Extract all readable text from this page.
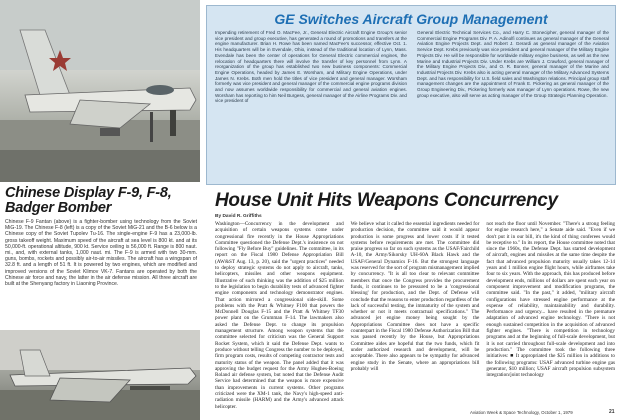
Chinese Display F-9, F-8, Badger Bomber

Chinese F-9 Fantan (above) is a fighter-bomber using technology from the Soviet MiG-19. The Chinese F-8 (left) is a copy of the Soviet MiG-21 and the B-6 below is a Chinese copy of the Soviet Tupolev Tu-16. The single-engine F-9 has a 23,000-lb. gross takeoff weight. Maximum speed of the aircraft at sea level is 800 kt. and at its 50,000-ft. operational altitude, 900 kt. Service ceiling is 56,000 ft. Range is 800 naut. mi., and, with external tanks, 1,000 naut. mi. The F-9 is armed with two 30-mm. guns, bombs, rockets and possibly air-to-air missiles. The aircraft has a wingspan of 32.8 ft. and a length of 51 ft. It is powered by two engines, which are modified and improved versions of the Soviet Klimov VK-7. Fantans are operated by both the Chinese air force and navy, the latter in the air defense mission. All three aircraft are built at the Shenyang factory in Liaoning Province.

GE Switches Aircraft Group Management

Impending retirement of Fred O. MacFee, Jr., General Electric Aircraft Engine Group's senior vice president and group executive, has generated a round of promotions and transfers at the engine manufacturer. Brian H. Rowe has been named MacFee's successor, effective Oct. 1. His headquarters will be in Evendale, Ohio, instead of the traditional location of Lynn, Mass. Evendale has been the center of operations for General Electric commercial engines, the relocation of headquarters there will involve the transfer of key personnel from Lynn. A reorganization of the group has established two new business components: Commercial Engine Operations, headed by James E. Worsham, and Military Engine Operations, under James N. Krebs. Both men hold the titles of vice president and general manager. Worsham formerly was vice president and general manager of the commercial engine programs division and now assumes worldwide responsibility for commercial and general aviation engines. Worsham has reporting to him Neil Burgess, general manager of the Airline Programs Div. and vice president of

General Electric Technical Services Co., and Harry C. Stonecipher, general manager of the Commercial Engine Programs Div. P. A. Adinolfi continues as general manager of the General Aviation Engine Projects Dept. and Robert J. Gerardi as general manager of the Aviation Service Dept. Krebs previously was vice president and general manager of the Military Engine Projects Div. He will be responsible for worldwide military engine business, as well as the new Marine and Industrial Projects Div. Under Krebs are William J. Crawford, general manager of the Military Engine Projects Div., and O. R. Bonner, general manager of the Marine and Industrial Projects Div. Krebs also is acting general manager of the Military Advanced Systems Dept. and has responsibility for U.S. field sales and Washington relations. Principal group staff management changes are the appointment of Frank E. Pickering as general manager of the Group Engineering Div., Pickering formerly was manager of Lynn operations. Rowe, the new group executive, also will serve as acting manager of the Group Strategic Planning Operation.

House Unit Hits Weapons Concurrency
By David R. Griffiths

Washington—Concurrency in the development and acquisition of certain weapons systems come under congressional fire recently in the House Appropriations Committee questioned the Defense Dept.'s insistence on not following "Fly Before Buy" guidelines. The committee, in its report on the Fiscal 1980 Defense Appropriation Bill (AW&ST Aug. 13, p. 20), said the "urgent practices" needed to deploy strategic systems do not apply to aircraft, tanks, helicopters, missiles and other weapons equipment. Illustrative of such thinking was the addition of $25 million to the legislation to begin durability tests of advanced fighter engine components and technology demonstrator engines. That action mirrored a congressional side-skill. Some problems with the Pratt & Whitney F100 that powers the McDonnell Douglas F-15 and the Pratt & Whitney TF30 power plant on the Grumman F-14. The lawmakers also asked the Defense Dept. to change its propulsion management structure. Among weapon systems that the committee selected for criticism was the General Support Rocket System, which it said the Defense Dept. wants to produce without telling Congress the number to be deployed, firm program costs, results of competing contractor tests and maturity status of the weapon. The panel added that it was approving the budget request for the Army Hughes-Boeing Roland air defense system, but noted that the Defense Audit Service had determined that the weapon is more expensive than improvements in current systems. Other programs criticized were the XM-1 tank, the Navy's high-speed anti-radiation missile (HARM) and the Army's advanced attack helicopter.

We believe what it called the essential ingredients needed for production decision, the committee said it would appear production is some progress and lower costs if it tested systems before requirements are met. The committee did praise progress so far on such systems as the USAF/Fairchild A-10, the Army/Sikorsky UH-60A Black Hawk and the USAF/General Dynamics F-16. But the strongest language was reserved for the sort of program mismanagement implied by concurrency. "It is all too clear to relevant committee members that once the Congress provides the procurement funds, it continues to be pressured to be a 'congressional blessing' for production, and the Dept. of Defense will conclude that the reasons to enter production regardless of the lack of successful testing, the immaturity of the system and whether or not it meets contractual specifications." The advanced jet engine money being sought by the Appropriations Committee does not have a specific counterpart in the Fiscal 1980 Defense Authorization Bill that was passed recently by the House, but Appropriations Committee aides are hopeful that the two funds, which fit under authorized research and development, will be acceptable. There also appears to be sympathy for advanced engine study in the Senate, where an appropriations bill probably will

not reach the floor until November. "There's a strong feeling for engine research here," a Senate aide said. "Even if we don't put it in our bill, it's the kind of thing conferees would be receptive to." In its report, the House committee noted that since the 1960s, the Defense Dept. has started development of aircraft, engines and missiles at the same time despite the fact that advanced propulsion maturity usually takes 12-14 years and 1 million engine flight hours, while airframes take four to six years. With the approach, this has produced before development ends, millions of dollars are spent each year on component improvement and modification programs, the committee said. "In the past," it added, "military aircraft configurations have stressed engine performance at the expense of reliability, maintainability and durability. Performance and urgency... have resulted in the premature adaptation of advanced engine technology. "There is not enough sustained competition in the acquisition of advanced fighter engines. "There is competition in technology programs and at the beginning of full-scale development, but it is not carried throughout full-scale development and into production." The committee took the following three initiatives: ■ It appropriated the $25 million in additions to the following programs: USAF advanced turbine engine gas generator, $10 million; USAF aircraft propulsion subsystem integration/joint technology

Aviation Week & Space Technology, October 1, 1979	21
